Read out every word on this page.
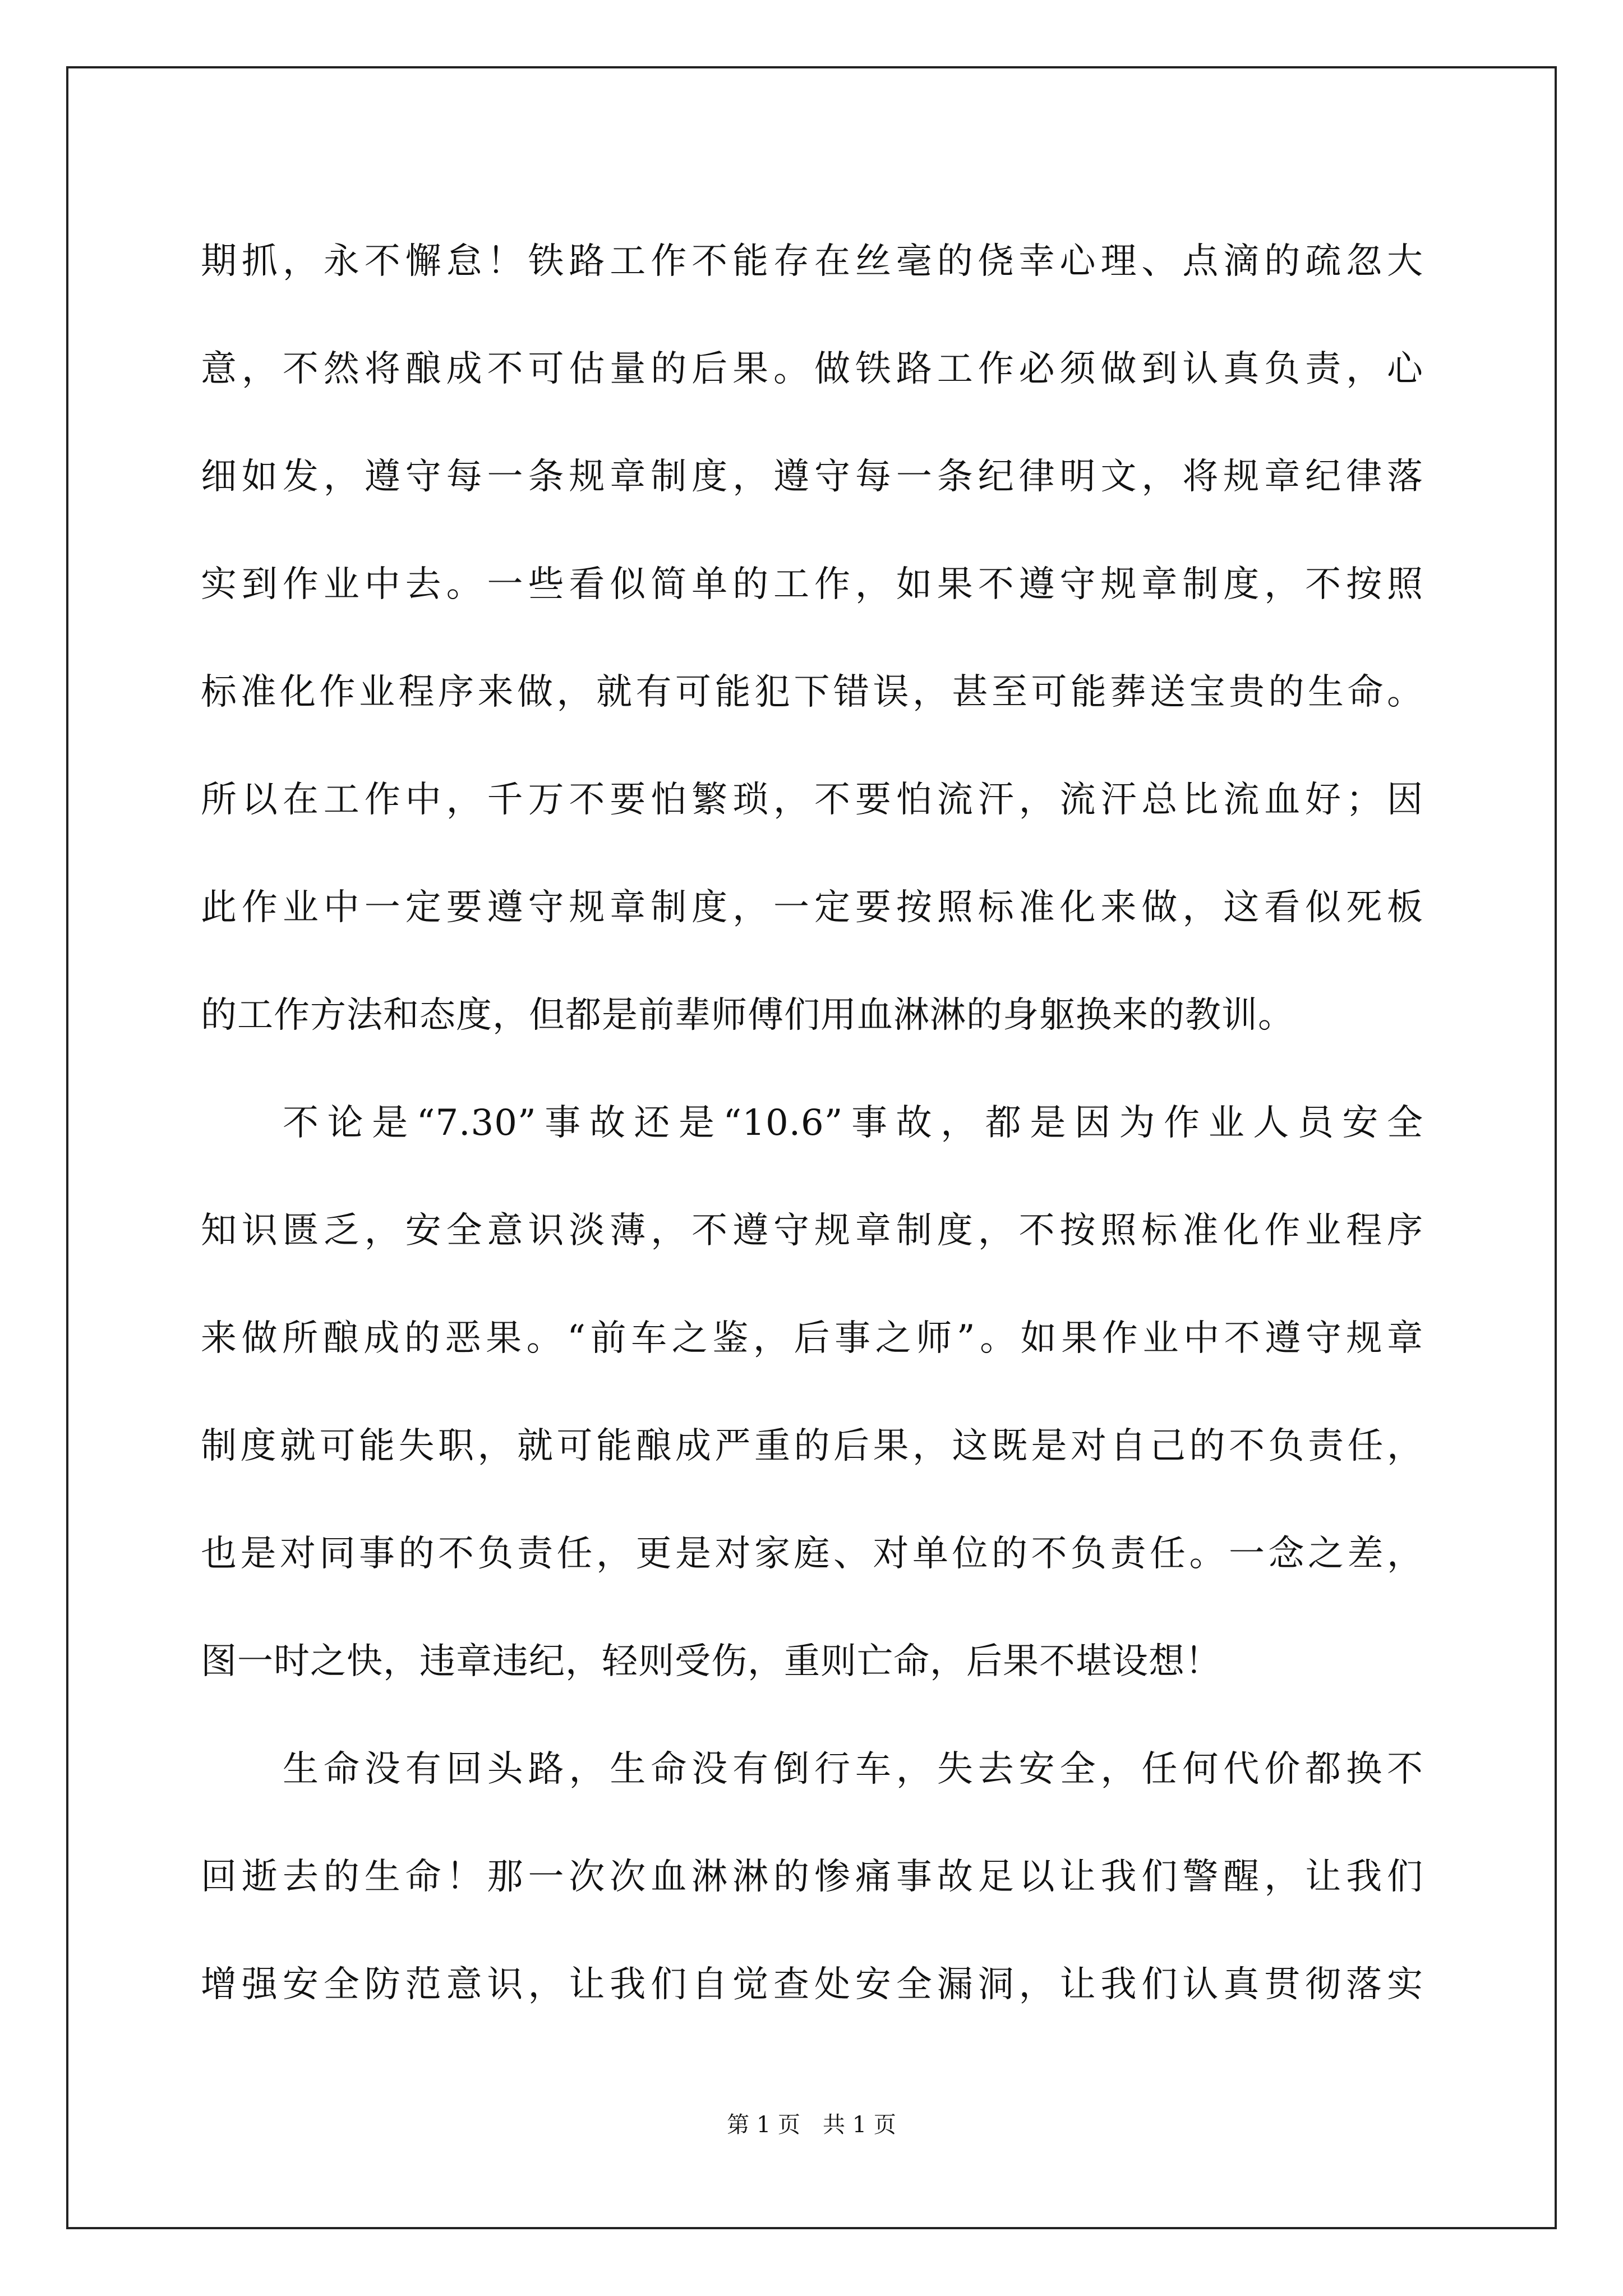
期抓，永不懈怠！铁路工作不能存在丝毫的侥幸心理、点滴的疏忽大
意，不然将酿成不可估量的后果。做铁路工作必须做到认真负责，心
细如发，遵守每一条规章制度，遵守每一条纪律明文，将规章纪律落
实到作业中去。一些看似简单的工作，如果不遵守规章制度，不按照
标准化作业程序来做，就有可能犯下错误，甚至可能葬送宝贵的生命。
所以在工作中，千万不要怕繁琐，不要怕流汗，流汗总比流血好；因
此作业中一定要遵守规章制度，一定要按照标准化来做，这看似死板
的工作方法和态度，但都是前辈师傅们用血淋淋的身躯换来的教训。
不论是“7.30”事故还是“10.6”事故，都是因为作业人员安全
知识匮乏，安全意识淡薄，不遵守规章制度，不按照标准化作业程序
来做所酿成的恶果。“前车之鉴，后事之师”。如果作业中不遵守规章
制度就可能失职，就可能酿成严重的后果，这既是对自己的不负责任，
也是对同事的不负责任，更是对家庭、对单位的不负责任。一念之差，
图一时之快，违章违纪，轻则受伤，重则亡命，后果不堪设想！
生命没有回头路，生命没有倒行车，失去安全，任何代价都换不
回逝去的生命！那一次次血淋淋的惨痛事故足以让我们警醒，让我们
增强安全防范意识，让我们自觉查处安全漏洞，让我们认真贯彻落实
第 1 页　共 1 页
